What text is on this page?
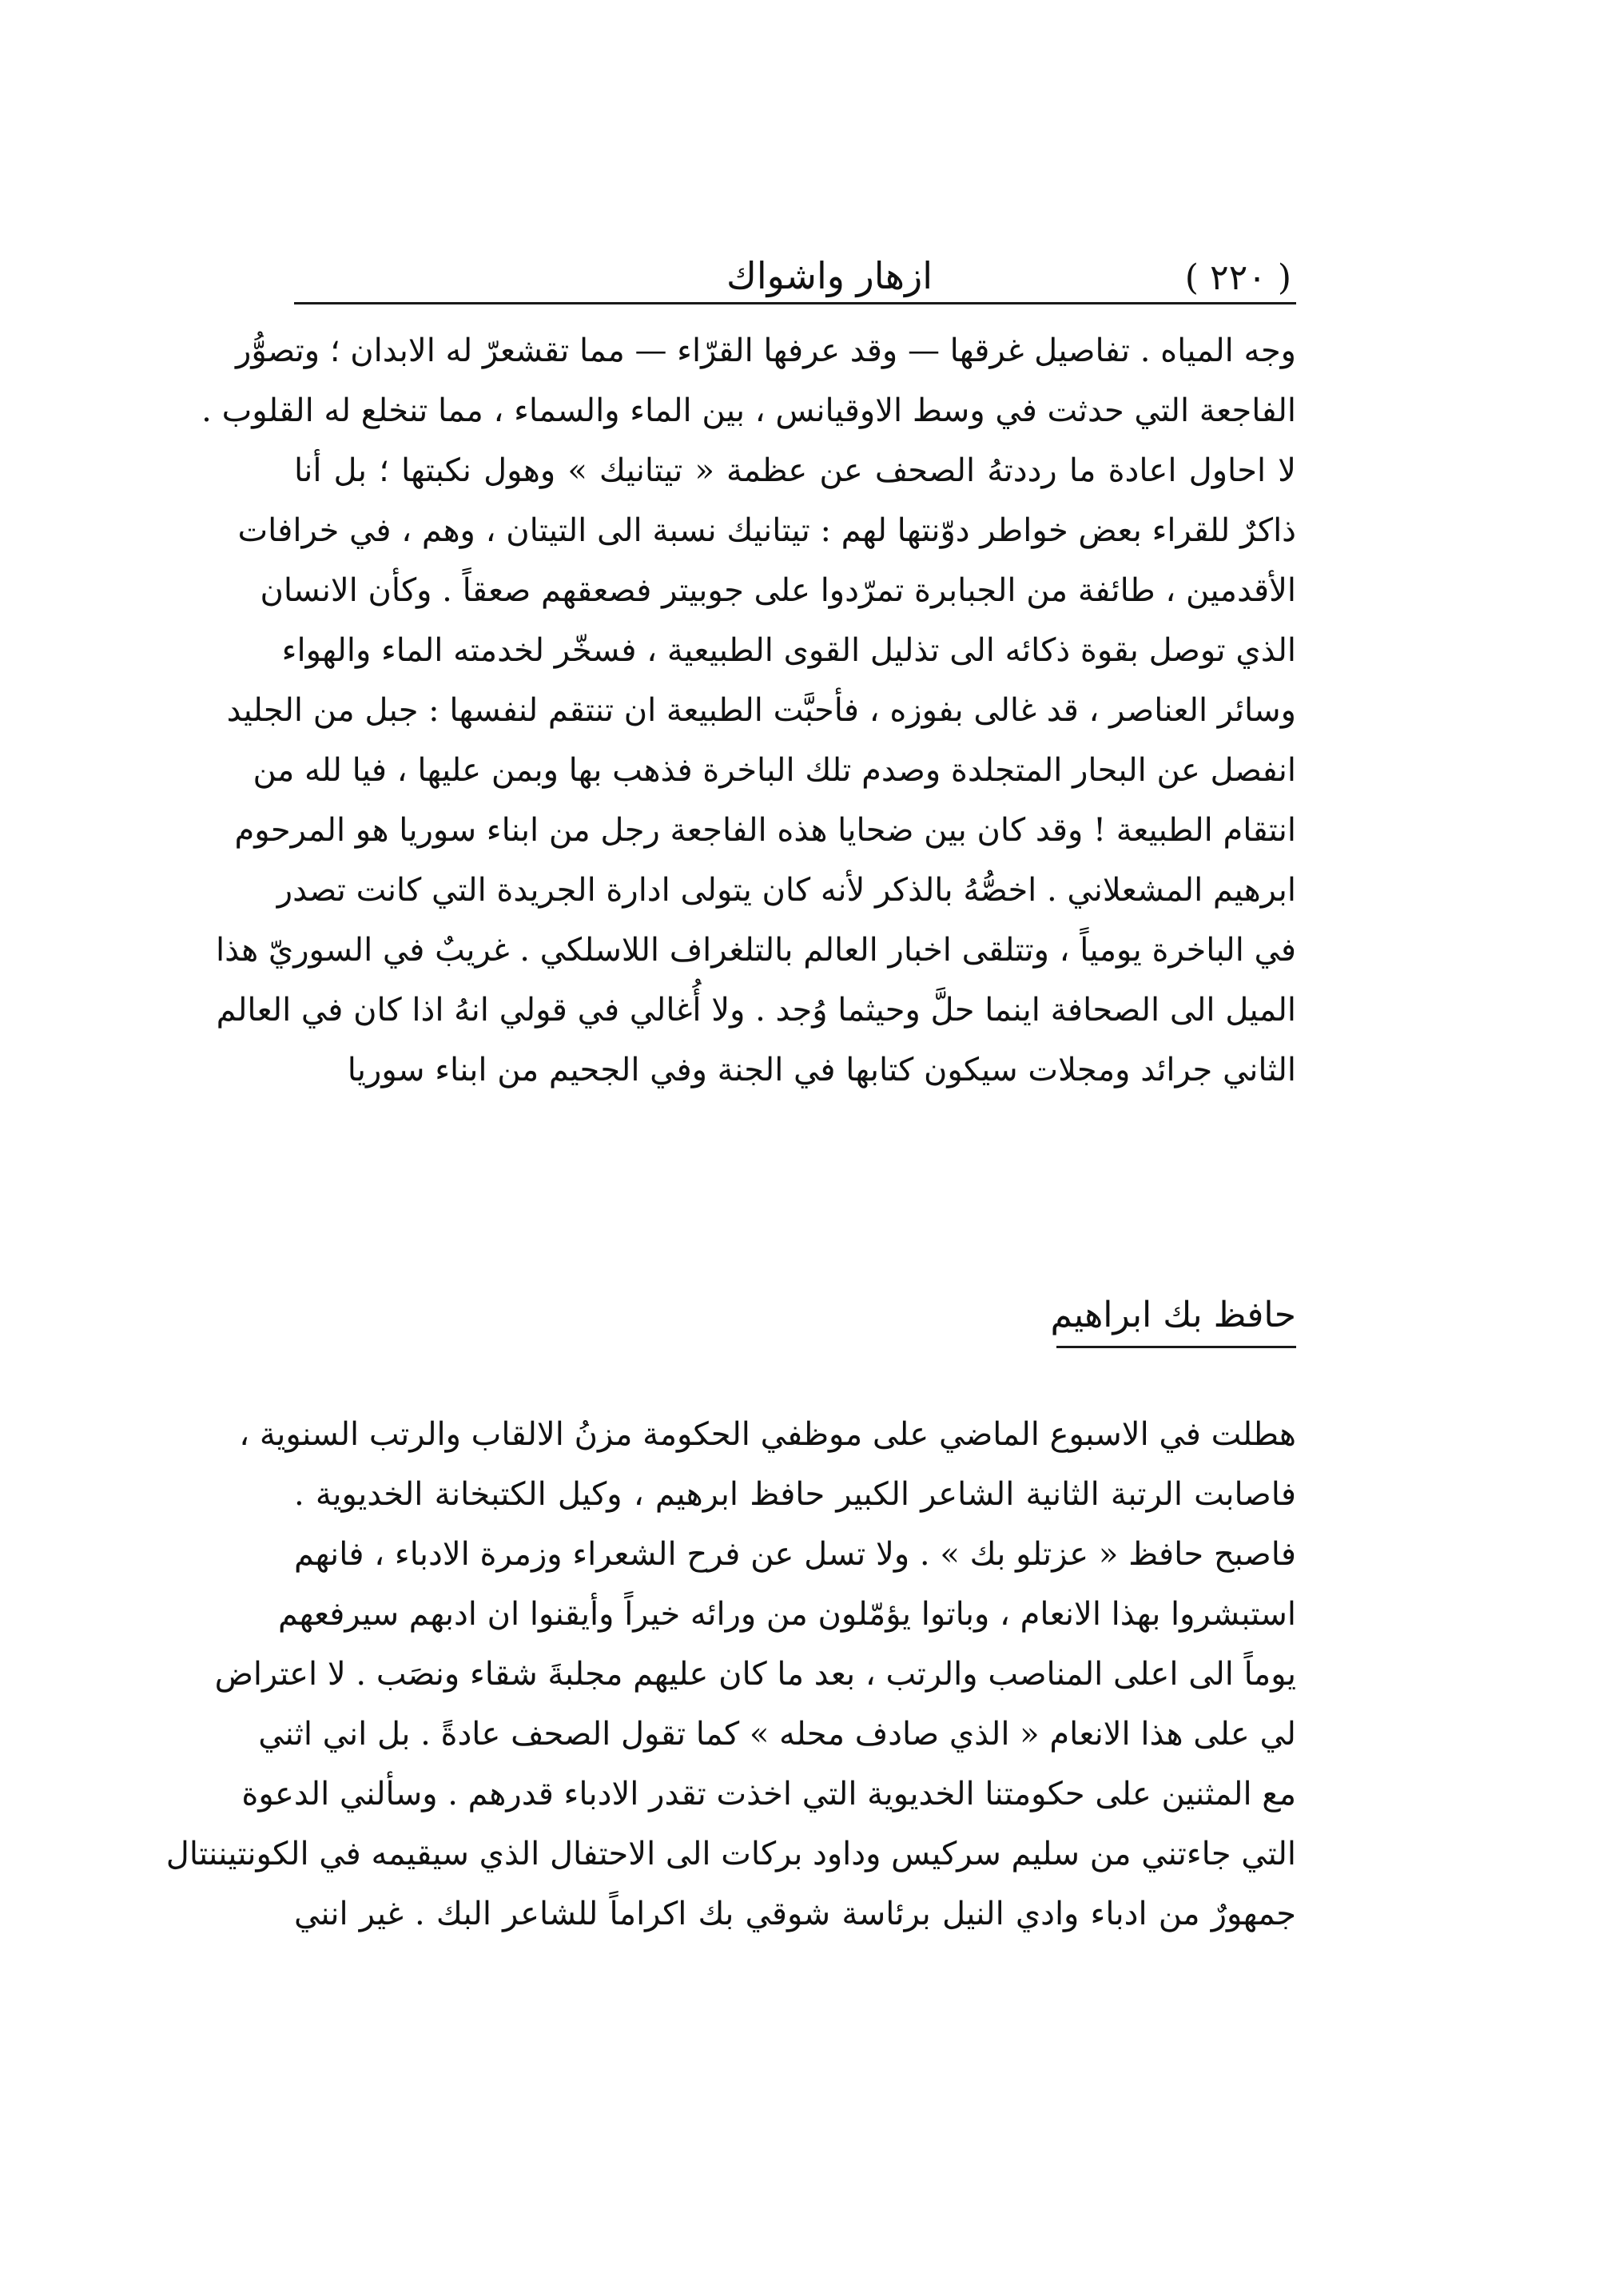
( ٢٢٠ )
ازهار واشواك
وجه المياه . تفاصيل غرقها — وقد عرفها القرّاء — مما تقشعرّ له الابدان ؛ وتصوُّر
الفاجعة التي حدثت في وسط الاوقيانس ، بين الماء والسماء ، مما تنخلع له القلوب .
لا احاول اعادة ما رددتهُ الصحف عن عظمة « تيتانيك » وهول نكبتها ؛ بل أنا
ذاكرٌ للقراء بعض خواطر دوّنتها لهم : تيتانيك نسبة الى التيتان ، وهم ، في خرافات
الأقدمين ، طائفة من الجبابرة تمرّدوا على جوبيتر فصعقهم صعقاً . وكأن الانسان
الذي توصل بقوة ذكائه الى تذليل القوى الطبيعية ، فسخّر لخدمته الماء والهواء
وسائر العناصر ، قد غالى بفوزه ، فأحبَّت الطبيعة ان تنتقم لنفسها : جبل من الجليد
انفصل عن البحار المتجلدة وصدم تلك الباخرة فذهب بها وبمن عليها ، فيا لله من
انتقام الطبيعة ! وقد كان بين ضحايا هذه الفاجعة رجل من ابناء سوريا هو المرحوم
ابرهيم المشعلاني . اخصُّهُ بالذكر لأنه كان يتولى ادارة الجريدة التي كانت تصدر
في الباخرة يومياً ، وتتلقى اخبار العالم بالتلغراف اللاسلكي . غريبٌ في السوريّ هذا
الميل الى الصحافة اينما حلَّ وحيثما وُجد . ولا أُغالي في قولي انهُ اذا كان في العالم
الثاني جرائد ومجلات سيكون كتابها في الجنة وفي الجحيم من ابناء سوريا
حافظ بك ابراهيم
هطلت في الاسبوع الماضي على موظفي الحكومة مزنُ الالقاب والرتب السنوية ،
فاصابت الرتبة الثانية الشاعر الكبير حافظ ابرهيم ، وكيل الكتبخانة الخديوية .
فاصبح حافظ « عزتلو بك » . ولا تسل عن فرح الشعراء وزمرة الادباء ، فانهم
استبشروا بهذا الانعام ، وباتوا يؤمّلون من ورائه خيراً وأيقنوا ان ادبهم سيرفعهم
يوماً الى اعلى المناصب والرتب ، بعد ما كان عليهم مجلبةَ شقاء ونصَب . لا اعتراض
لي على هذا الانعام « الذي صادف محله » كما تقول الصحف عادةً . بل اني اثني
مع المثنين على حكومتنا الخديوية التي اخذت تقدر الادباء قدرهم . وسألني الدعوة
التي جاءتني من سليم سركيس وداود بركات الى الاحتفال الذي سيقيمه في الكونتيننتال
جمهورٌ من ادباء وادي النيل برئاسة شوقي بك اكراماً للشاعر البك . غير انني
